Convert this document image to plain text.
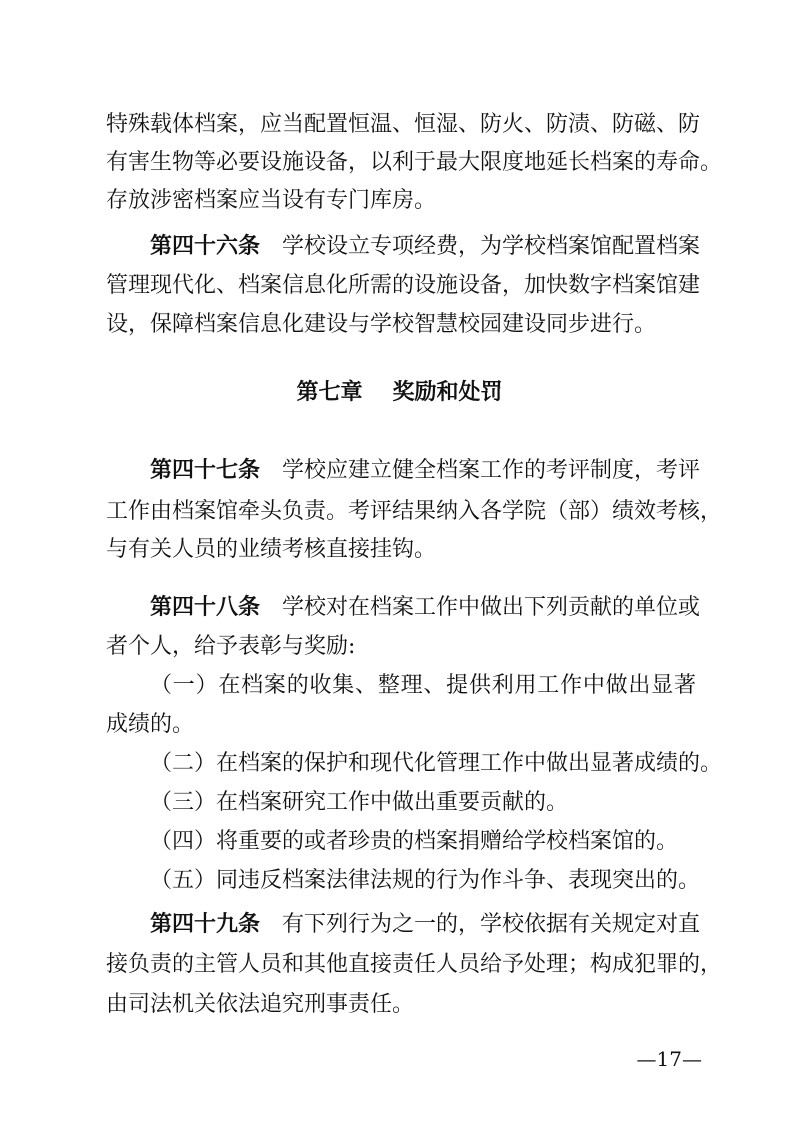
特殊载体档案，应当配置恒温、恒湿、防火、防渍、防磁、防
有害生物等必要设施设备，以利于最大限度地延长档案的寿命。
存放涉密档案应当设有专门库房。
第四十六条 学校设立专项经费，为学校档案馆配置档案
管理现代化、档案信息化所需的设施设备，加快数字档案馆建
设，保障档案信息化建设与学校智慧校园建设同步进行。
第七章 奖励和处罚
第四十七条 学校应建立健全档案工作的考评制度，考评
工作由档案馆牵头负责。考评结果纳入各学院（部）绩效考核，
与有关人员的业绩考核直接挂钩。
第四十八条 学校对在档案工作中做出下列贡献的单位或
者个人，给予表彰与奖励:
（一）在档案的收集、整理、提供利用工作中做出显著
成绩的。
（二）在档案的保护和现代化管理工作中做出显著成绩的。
（三）在档案研究工作中做出重要贡献的。
（四）将重要的或者珍贵的档案捐赠给学校档案馆的。
（五）同违反档案法律法规的行为作斗争、表现突出的。
第四十九条 有下列行为之一的，学校依据有关规定对直
接负责的主管人员和其他直接责任人员给予处理；构成犯罪的，
由司法机关依法追究刑事责任。
—17—
